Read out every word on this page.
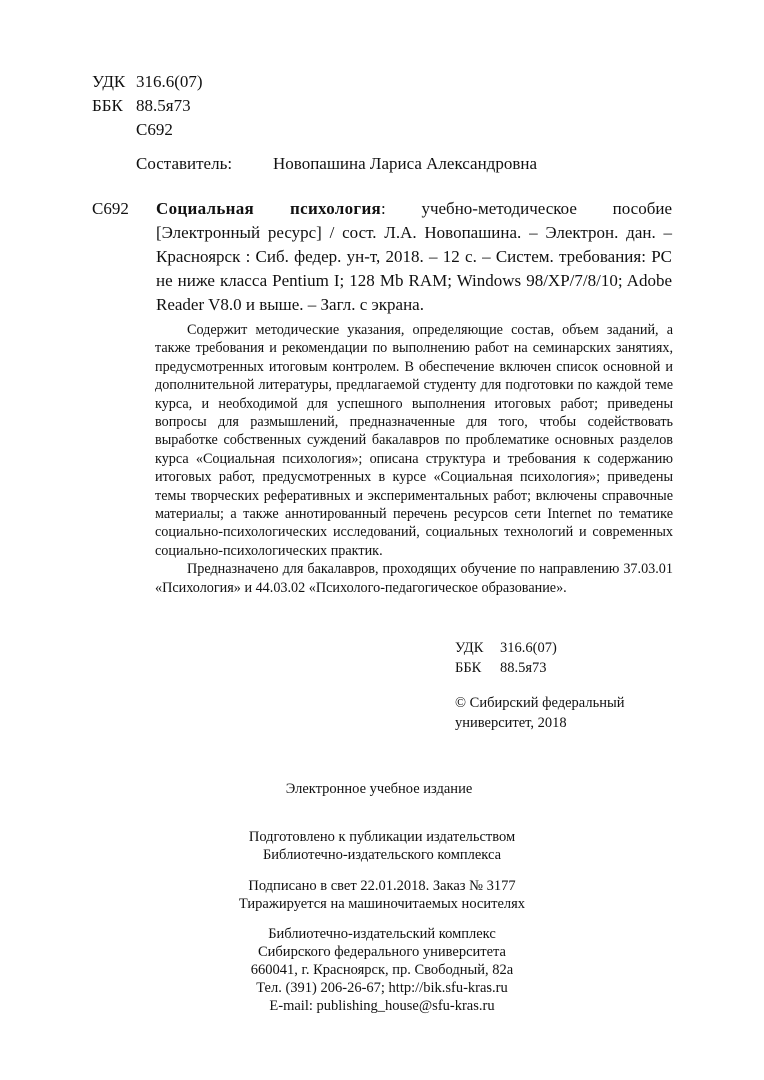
УДК 316.6(07)
ББК 88.5я73
С692
Составитель:	Новопашина Лариса Александровна
С692 Социальная психология: учебно-методическое пособие [Электронный ресурс] / сост. Л.А. Новопашина. – Электрон. дан. – Красноярск : Сиб. федер. ун-т, 2018. – 12 с. – Систем. требования: PC не ниже класса Pentium I; 128 Mb RAM; Windows 98/XP/7/8/10; Adobe Reader V8.0 и выше. – Загл. с экрана.

Содержит методические указания, определяющие состав, объем заданий, а также требования и рекомендации по выполнению работ на семинарских занятиях, предусмотренных итоговым контролем. В обеспечение включен список основной и дополнительной литературы, предлагаемой студенту для подготовки по каждой теме курса, и необходимой для успешного выполнения итоговых работ; приведены вопросы для размышлений, предназначенные для того, чтобы содействовать выработке собственных суждений бакалавров по проблематике основных разделов курса «Социальная психология»; описана структура и требования к содержанию итоговых работ, предусмотренных в курсе «Социальная психология»; приведены темы творческих реферативных и экспериментальных работ; включены справочные материалы; а также аннотированный перечень ресурсов сети Internet по тематике социально-психологических исследований, социальных технологий и современных социально-психологических практик.

Предназначено для бакалавров, проходящих обучение по направлению 37.03.01 «Психология» и 44.03.02 «Психолого-педагогическое образование».

УДК	316.6(07)
ББК	88.5я73
© Сибирский федеральный
университет, 2018
Электронное учебное издание
Подготовлено к публикации издательством
Библиотечно-издательского комплекса
Подписано в свет 22.01.2018. Заказ № 3177
Тиражируется на машиночитаемых носителях
Библиотечно-издательский комплекс
Сибирского федерального университета
660041, г. Красноярск, пр. Свободный, 82а
Тел. (391) 206-26-67; http://bik.sfu-kras.ru
E-mail: publishing_house@sfu-kras.ru
